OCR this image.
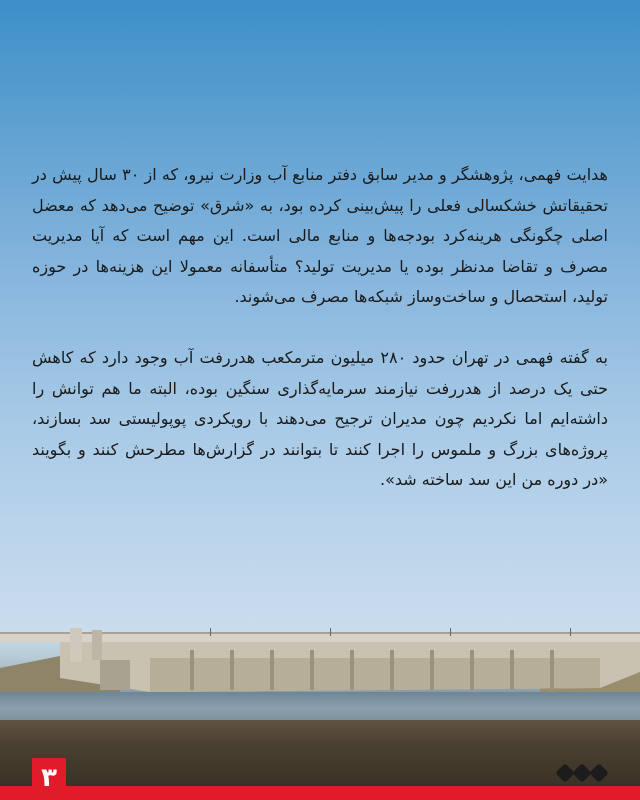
هدایت فهمی، پژوهشگر و مدیر سابق دفتر منابع آب وزارت نیرو، که از ۳۰ سال پیش در تحقیقاتش خشکسالی فعلی را پیش‌بینی کرده بود، به «شرق» توضیح می‌دهد که معضل اصلی چگونگی هرینه‌کرد بودجه‌ها و منابع مالی است. این مهم است که آیا مدیریت مصرف و تقاضا مدنظر بوده یا مدیریت تولید؟ متأسفانه معمولا این هزینه‌ها در حوزه تولید، استحصال و ساخت‌وساز شبکه‌ها مصرف می‌شوند.

به گفته فهمی در تهران حدود ۲۸۰ میلیون مترمکعب هدررفت آب وجود دارد که کاهش حتی یک درصد از هدررفت نیازمند سرمایه‌گذاری سنگین بوده، البته ما هم توانش را داشته‌ایم اما نکردیم چون مدیران ترجیح می‌دهند با رویکردی پوپولیستی سد بسازند، پروژه‌های بزرگ و ملموس را اجرا کنند تا بتوانند در گزارش‌ها مطرحش کنند و بگویند «در دوره من این سد ساخته شد».

۳
